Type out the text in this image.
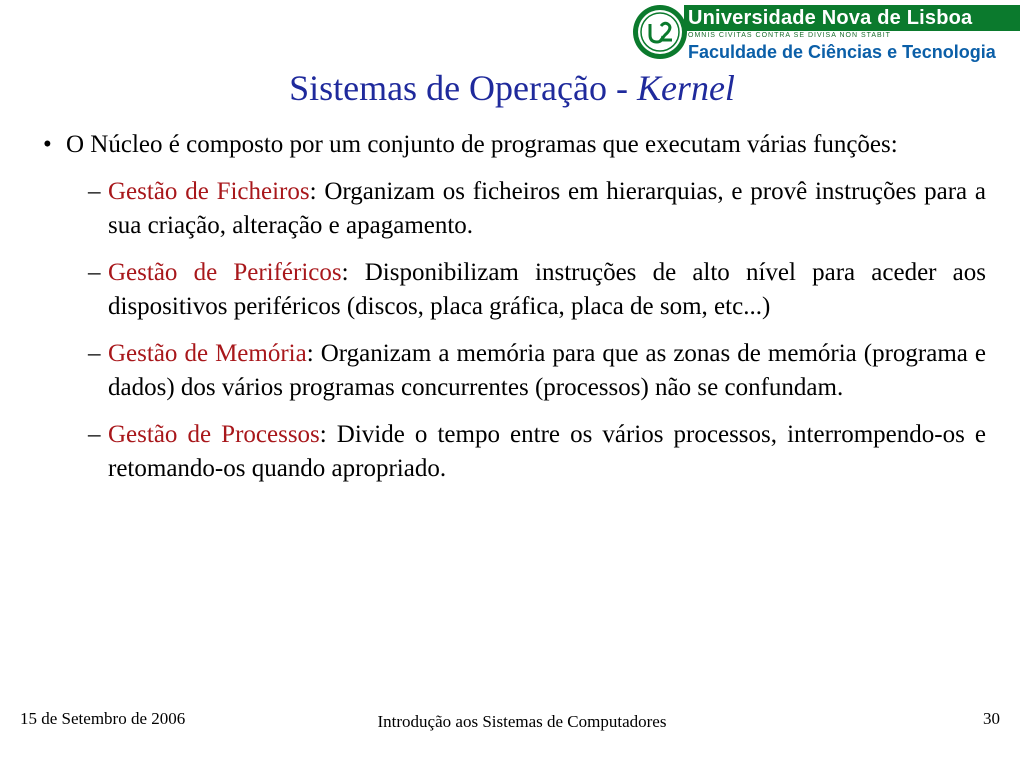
Universidade Nova de Lisboa
OMNIS CIVITAS CONTRA SE DIVISA NON STABIT
Faculdade de Ciências e Tecnologia
Sistemas de Operação - Kernel
• O Núcleo é composto por um conjunto de programas que executam várias funções:
– Gestão de Ficheiros: Organizam os ficheiros em hierarquias, e provê instruções para a sua criação, alteração e apagamento.
– Gestão de Periféricos: Disponibilizam instruções de alto nível para aceder aos dispositivos periféricos (discos, placa gráfica, placa de som, etc...)
– Gestão de Memória: Organizam a memória para que as zonas de memória (programa e dados) dos vários programas concurrentes (processos) não se confundam.
– Gestão de Processos: Divide o tempo entre os vários processos, interrompendo-os e retomando-os quando apropriado.
15 de Setembro de 2006	Introdução aos Sistemas de Computadores	30
